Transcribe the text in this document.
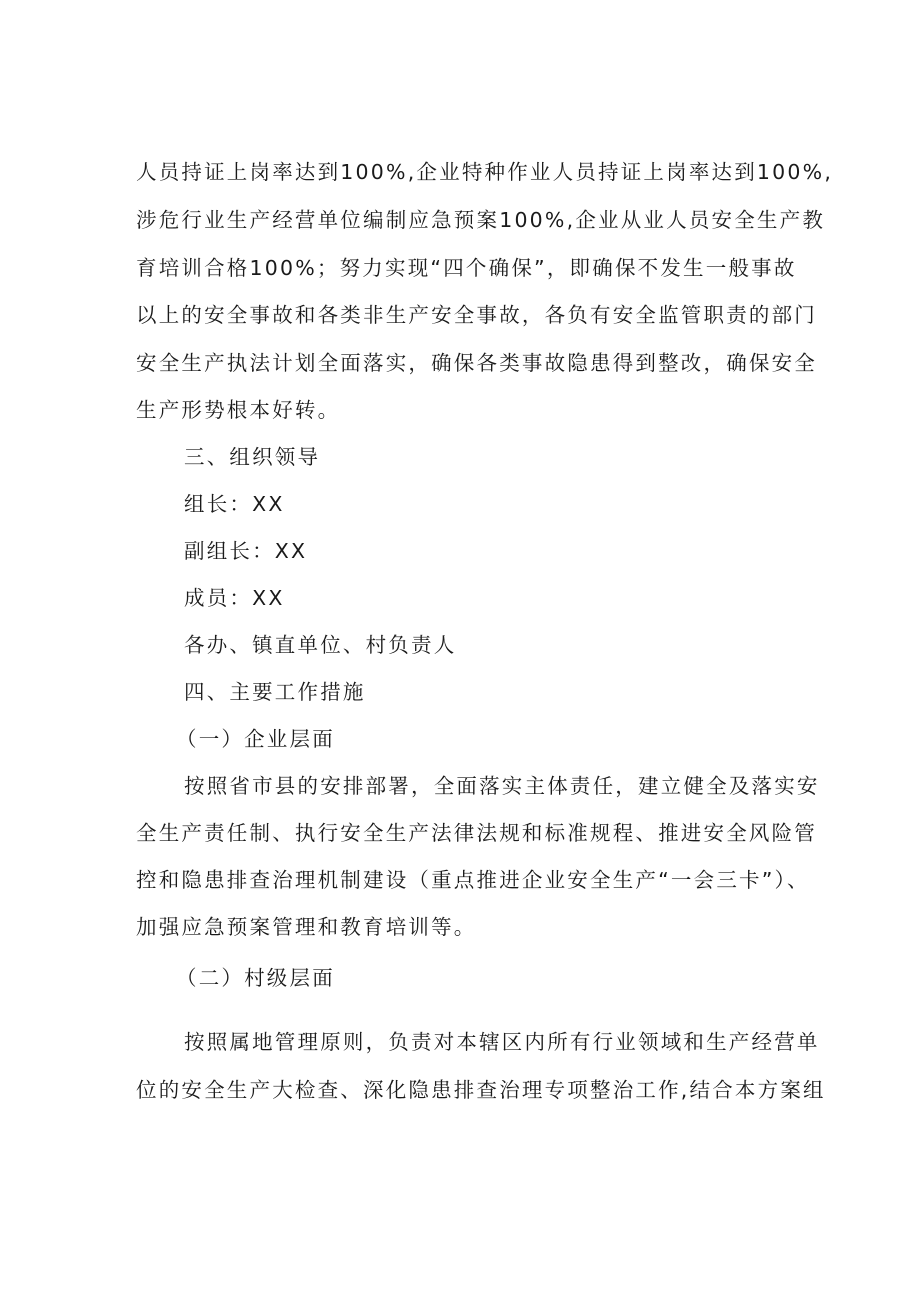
人员持证上岗率达到100%,企业特种作业人员持证上岗率达到100%,
涉危行业生产经营单位编制应急预案100%,企业从业人员安全生产教
育培训合格100%；努力实现“四个确保”，即确保不发生一般事故
以上的安全事故和各类非生产安全事故，各负有安全监管职责的部门
安全生产执法计划全面落实，确保各类事故隐患得到整改，确保安全
生产形势根本好转。
三、组织领导
组长：XX
副组长：XX
成员：XX
各办、镇直单位、村负责人
四、主要工作措施
（一）企业层面
按照省市县的安排部署，全面落实主体责任，建立健全及落实安
全生产责任制、执行安全生产法律法规和标准规程、推进安全风险管
控和隐患排查治理机制建设（重点推进企业安全生产“一会三卡”）、
加强应急预案管理和教育培训等。
（二）村级层面
按照属地管理原则，负责对本辖区内所有行业领域和生产经营单
位的安全生产大检查、深化隐患排查治理专项整治工作,结合本方案组
